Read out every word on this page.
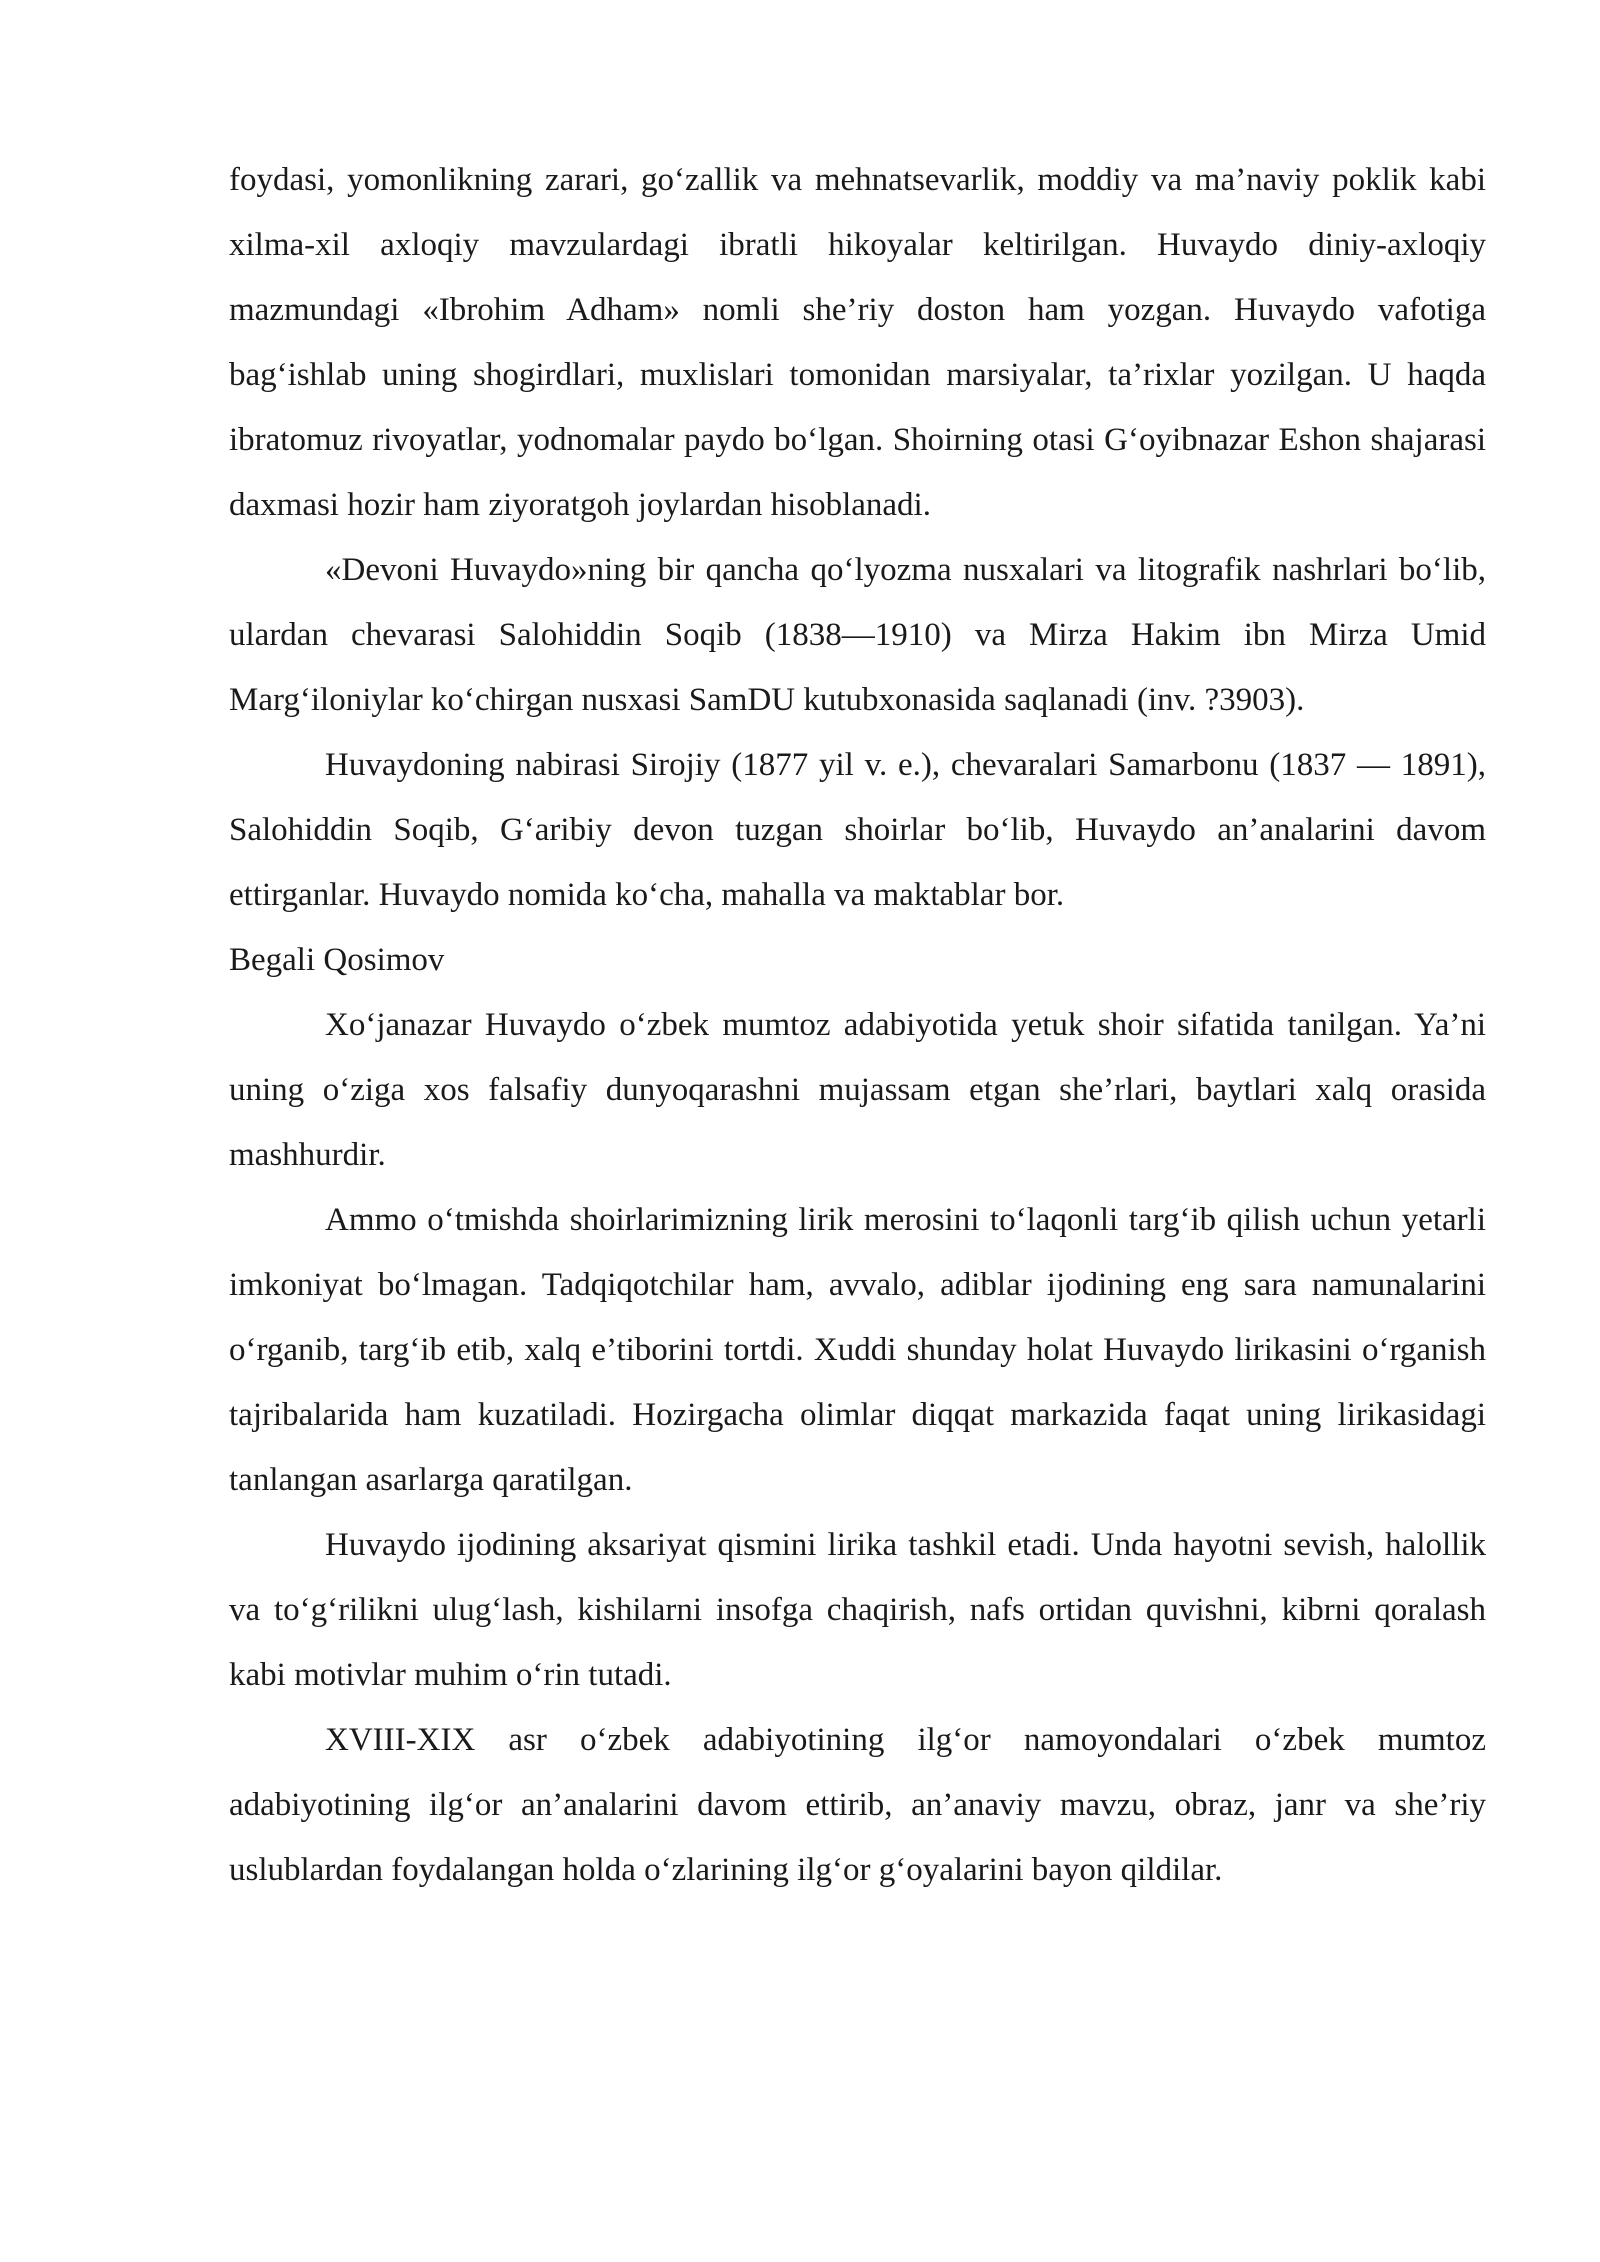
foydasi, yomonlikning zarari, go‘zallik va mehnatsevarlik, moddiy va ma’naviy poklik kabi xilma-xil axloqiy mavzulardagi ibratli hikoyalar keltirilgan. Huvaydo diniy-axloqiy mazmundagi «Ibrohim Adham» nomli she’riy doston ham yozgan. Huvaydo vafotiga bag‘ishlab uning shogirdlari, muxlislari tomonidan marsiyalar, ta’rixlar yozilgan. U haqda ibratomuz rivoyatlar, yodnomalar paydo bo‘lgan. Shoirning otasi G‘oyibnazar Eshon shajarasi daxmasi hozir ham ziyoratgoh joylardan hisoblanadi.

«Devoni Huvaydo»ning bir qancha qo‘lyozma nusxalari va litografik nashrlari bo‘lib, ulardan chevarasi Salohiddin Soqib (1838—1910) va Mirza Hakim ibn Mirza Umid Marg‘iloniylar ko‘chirgan nusxasi SamDU kutubxonasida saqlanadi (inv. ?3903).

Huvaydoning nabirasi Sirojiy (1877 yil v. e.), chevaralari Samarbonu (1837 — 1891), Salohiddin Soqib, G‘aribiy devon tuzgan shoirlar bo‘lib, Huvaydo an’analarini davom ettirganlar. Huvaydo nomida ko‘cha, mahalla va maktablar bor.

Begali Qosimov

Xo‘janazar Huvaydo o‘zbek mumtoz adabiyotida yetuk shoir sifatida tanilgan. Ya’ni uning o‘ziga xos falsafiy dunyoqarashni mujassam etgan she’rlari, baytlari xalq orasida mashhurdir.

Ammo o‘tmishda shoirlarimizning lirik merosini to‘laqonli targ‘ib qilish uchun yetarli imkoniyat bo‘lmagan. Tadqiqotchilar ham, avvalo, adiblar ijodining eng sara namunalarini o‘rganib, targ‘ib etib, xalq e’tiborini tortdi. Xuddi shunday holat Huvaydo lirikasini o‘rganish tajribalarida ham kuzatiladi. Hozirgacha olimlar diqqat markazida faqat uning lirikasidagi tanlangan asarlarga qaratilgan.

Huvaydo ijodining aksariyat qismini lirika tashkil etadi. Unda hayotni sevish, halollik va to‘g‘rilikni ulug‘lash, kishilarni insofga chaqirish, nafs ortidan quvishni, kibrni qoralash kabi motivlar muhim o‘rin tutadi.

XVIII-XIX asr o‘zbek adabiyotining ilg‘or namoyondalari o‘zbek mumtoz adabiyotining ilg‘or an’analarini davom ettirib, an’anaviy mavzu, obraz, janr va she’riy uslublardan foydalangan holda o‘zlarining ilg‘or g‘oyalarini bayon qildilar.
